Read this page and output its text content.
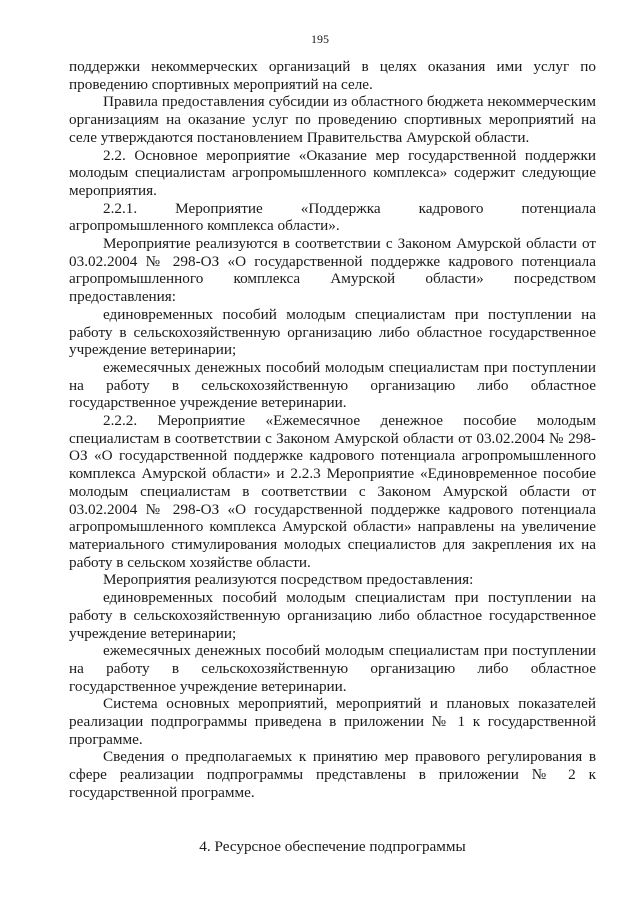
195

поддержки некоммерческих организаций в целях оказания ими услуг по проведению спортивных мероприятий на селе.

Правила предоставления субсидии из областного бюджета некоммерческим организациям на оказание услуг по проведению спортивных мероприятий на селе утверждаются постановлением Правительства Амурской области.

2.2. Основное мероприятие «Оказание мер государственной поддержки молодым специалистам агропромышленного комплекса» содержит следующие мероприятия.

2.2.1. Мероприятие «Поддержка кадрового потенциала агропромышленного комплекса области».

Мероприятие реализуются в соответствии с Законом Амурской области от 03.02.2004 № 298-ОЗ «О государственной поддержке кадрового потенциала агропромышленного комплекса Амурской области» посредством предоставления:

единовременных пособий молодым специалистам при поступлении на работу в сельскохозяйственную организацию либо областное государственное учреждение ветеринарии;

ежемесячных денежных пособий молодым специалистам при поступлении на работу в сельскохозяйственную организацию либо областное государственное учреждение ветеринарии.

2.2.2. Мероприятие «Ежемесячное денежное пособие молодым специалистам в соответствии с Законом Амурской области от 03.02.2004 № 298-ОЗ «О государственной поддержке кадрового потенциала агропромышленного комплекса Амурской области» и 2.2.3 Мероприятие «Единовременное пособие молодым специалистам в соответствии с Законом Амурской области от 03.02.2004 № 298-ОЗ «О государственной поддержке кадрового потенциала агропромышленного комплекса Амурской области» направлены на увеличение материального стимулирования молодых специалистов для закрепления их на работу в сельском хозяйстве области.

Мероприятия реализуются посредством предоставления:

единовременных пособий молодым специалистам при поступлении на работу в сельскохозяйственную организацию либо областное государственное учреждение ветеринарии;

ежемесячных денежных пособий молодым специалистам при поступлении на работу в сельскохозяйственную организацию либо областное государственное учреждение ветеринарии.

Система основных мероприятий, мероприятий и плановых показателей реализации подпрограммы приведена в приложении № 1 к государственной программе.

Сведения о предполагаемых к принятию мер правового регулирования в сфере реализации подпрограммы представлены в приложении № 2 к государственной программе.

4. Ресурсное обеспечение подпрограммы
